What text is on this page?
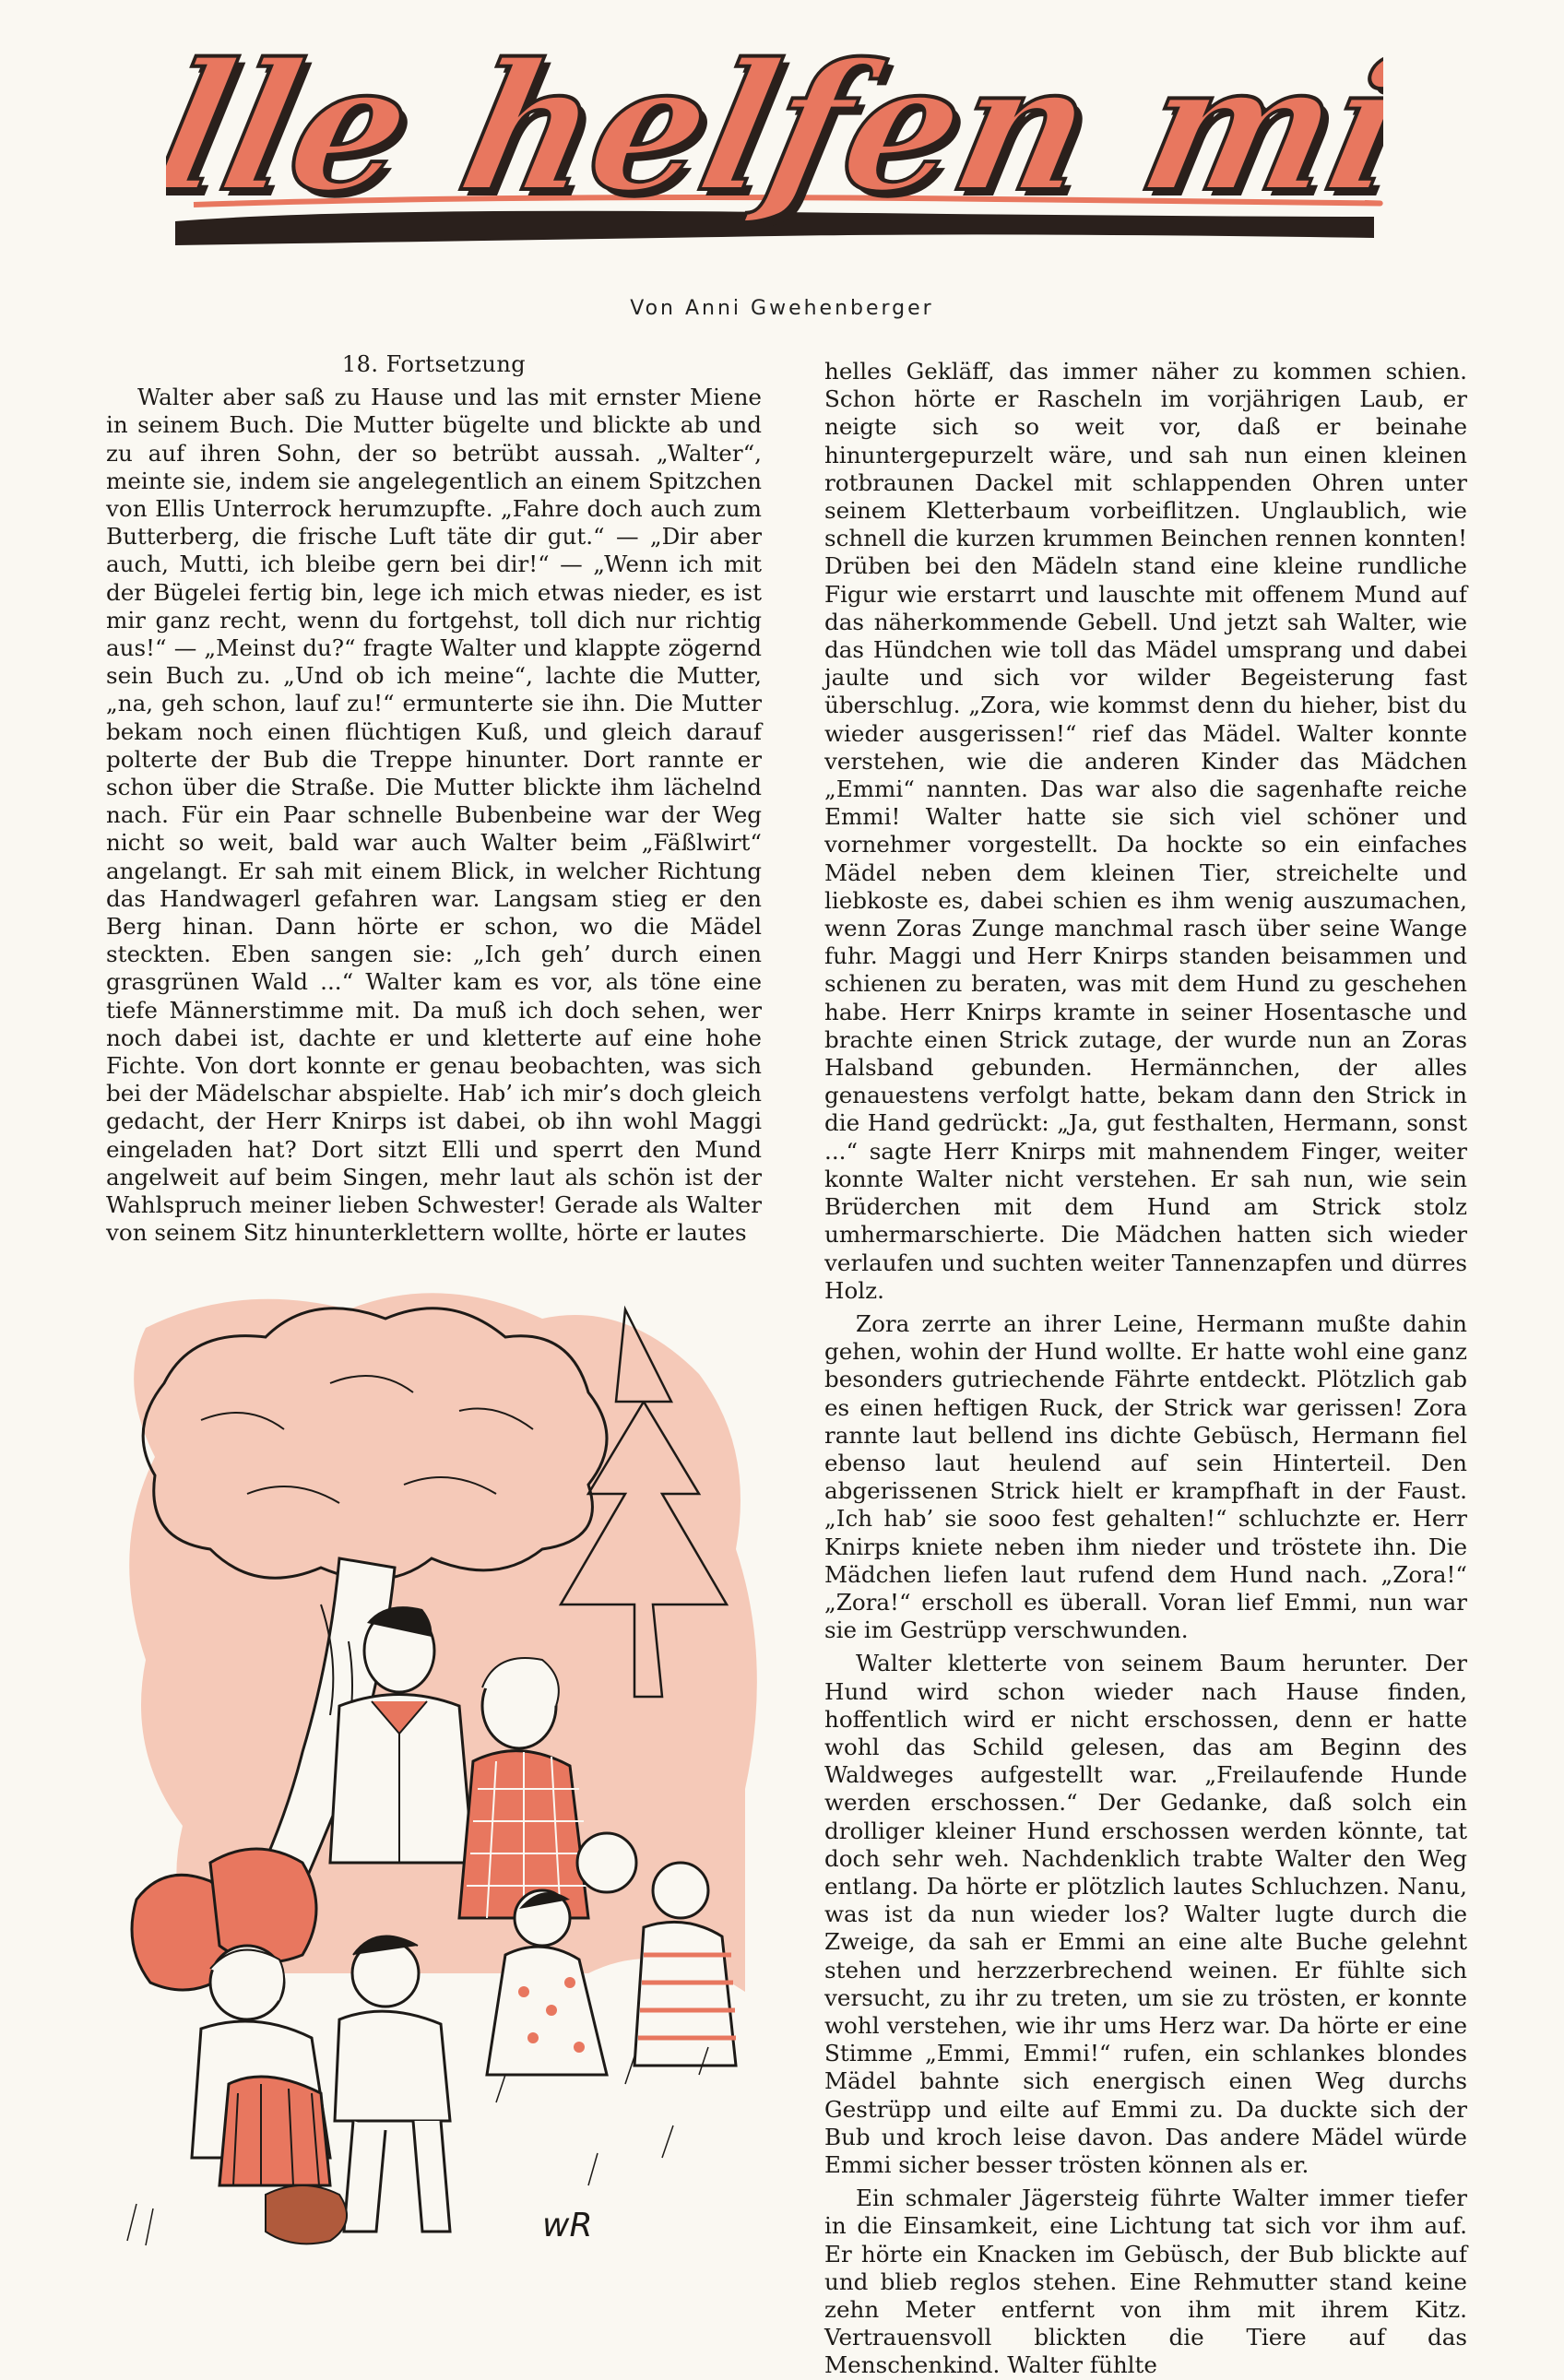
Alle helfen mit
Alle helfen mit
Von Anni Gwehenberger
18. Fortsetzung

Walter aber saß zu Hause und las mit ernster Miene in seinem Buch. Die Mutter bügelte und blickte ab und zu auf ihren Sohn, der so betrübt aussah. „Walter“, meinte sie, indem sie angelegentlich an einem Spitzchen von Ellis Unterrock herumzupfte. „Fahre doch auch zum Butterberg, die frische Luft täte dir gut.“ — „Dir aber auch, Mutti, ich bleibe gern bei dir!“ — „Wenn ich mit der Bügelei fertig bin, lege ich mich etwas nieder, es ist mir ganz recht, wenn du fortgehst, toll dich nur richtig aus!“ — „Meinst du?“ fragte Walter und klappte zögernd sein Buch zu. „Und ob ich meine“, lachte die Mutter, „na, geh schon, lauf zu!“ ermunterte sie ihn. Die Mutter bekam noch einen flüchtigen Kuß, und gleich darauf polterte der Bub die Treppe hinunter. Dort rannte er schon über die Straße. Die Mutter blickte ihm lächelnd nach. Für ein Paar schnelle Bubenbeine war der Weg nicht so weit, bald war auch Walter beim „Fäßlwirt“ angelangt. Er sah mit einem Blick, in welcher Richtung das Handwagerl gefahren war. Langsam stieg er den Berg hinan. Dann hörte er schon, wo die Mädel steckten. Eben sangen sie: „Ich geh’ durch einen grasgrünen Wald ...“ Walter kam es vor, als töne eine tiefe Männerstimme mit. Da muß ich doch sehen, wer noch dabei ist, dachte er und kletterte auf eine hohe Fichte. Von dort konnte er genau beobachten, was sich bei der Mädelschar abspielte. Hab’ ich mir’s doch gleich gedacht, der Herr Knirps ist dabei, ob ihn wohl Maggi eingeladen hat? Dort sitzt Elli und sperrt den Mund angelweit auf beim Singen, mehr laut als schön ist der Wahlspruch meiner lieben Schwester! Gerade als Walter von seinem Sitz hinunterklettern wollte, hörte er lautes

helles Gekläff, das immer näher zu kommen schien. Schon hörte er Rascheln im vorjährigen Laub, er neigte sich so weit vor, daß er beinahe hinuntergepurzelt wäre, und sah nun einen kleinen rotbraunen Dackel mit schlappenden Ohren unter seinem Kletterbaum vorbeiflitzen. Unglaublich, wie schnell die kurzen krummen Beinchen rennen konnten! Drüben bei den Mädeln stand eine kleine rundliche Figur wie erstarrt und lauschte mit offenem Mund auf das näherkommende Gebell. Und jetzt sah Walter, wie das Hündchen wie toll das Mädel umsprang und dabei jaulte und sich vor wilder Begeisterung fast überschlug. „Zora, wie kommst denn du hieher, bist du wieder ausgerissen!“ rief das Mädel. Walter konnte verstehen, wie die anderen Kinder das Mädchen „Emmi“ nannten. Das war also die sagenhafte reiche Emmi! Walter hatte sie sich viel schöner und vornehmer vorgestellt. Da hockte so ein einfaches Mädel neben dem kleinen Tier, streichelte und liebkoste es, dabei schien es ihm wenig auszumachen, wenn Zoras Zunge manchmal rasch über seine Wange fuhr. Maggi und Herr Knirps standen beisammen und schienen zu beraten, was mit dem Hund zu geschehen habe. Herr Knirps kramte in seiner Hosentasche und brachte einen Strick zutage, der wurde nun an Zoras Halsband gebunden. Hermännchen, der alles genauestens verfolgt hatte, bekam dann den Strick in die Hand gedrückt: „Ja, gut festhalten, Hermann, sonst ...“ sagte Herr Knirps mit mahnendem Finger, weiter konnte Walter nicht verstehen. Er sah nun, wie sein Brüderchen mit dem Hund am Strick stolz umhermarschierte. Die Mädchen hatten sich wieder verlaufen und suchten weiter Tannenzapfen und dürres Holz.

Zora zerrte an ihrer Leine, Hermann mußte dahin gehen, wohin der Hund wollte. Er hatte wohl eine ganz besonders gutriechende Fährte entdeckt. Plötzlich gab es einen heftigen Ruck, der Strick war gerissen! Zora rannte laut bellend ins dichte Gebüsch, Hermann fiel ebenso laut heulend auf sein Hinterteil. Den abgerissenen Strick hielt er krampfhaft in der Faust. „Ich hab’ sie sooo fest gehalten!“ schluchzte er. Herr Knirps kniete neben ihm nieder und tröstete ihn. Die Mädchen liefen laut rufend dem Hund nach. „Zora!“ „Zora!“ erscholl es überall. Voran lief Emmi, nun war sie im Gestrüpp verschwunden.

Walter kletterte von seinem Baum herunter. Der Hund wird schon wieder nach Hause finden, hoffentlich wird er nicht erschossen, denn er hatte wohl das Schild gelesen, das am Beginn des Waldweges aufgestellt war. „Freilaufende Hunde werden erschossen.“ Der Gedanke, daß solch ein drolliger kleiner Hund erschossen werden könnte, tat doch sehr weh. Nachdenklich trabte Walter den Weg entlang. Da hörte er plötzlich lautes Schluchzen. Nanu, was ist da nun wieder los? Walter lugte durch die Zweige, da sah er Emmi an eine alte Buche gelehnt stehen und herzzerbrechend weinen. Er fühlte sich versucht, zu ihr zu treten, um sie zu trösten, er konnte wohl verstehen, wie ihr ums Herz war. Da hörte er eine Stimme „Emmi, Emmi!“ rufen, ein schlankes blondes Mädel bahnte sich energisch einen Weg durchs Gestrüpp und eilte auf Emmi zu. Da duckte sich der Bub und kroch leise davon. Das andere Mädel würde Emmi sicher besser trösten können als er.

Ein schmaler Jägersteig führte Walter immer tiefer in die Einsamkeit, eine Lichtung tat sich vor ihm auf. Er hörte ein Knacken im Gebüsch, der Bub blickte auf und blieb reglos stehen. Eine Rehmutter stand keine zehn Meter entfernt von ihm mit ihrem Kitz. Vertrauensvoll blickten die Tiere auf das Menschenkind. Walter fühlte

wR
